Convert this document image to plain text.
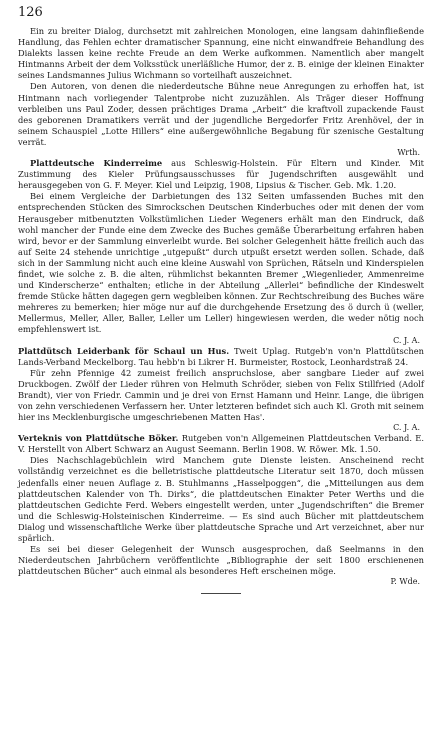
126

Ein zu breiter Dialog, durchsetzt mit zahlreichen Monologen, eine langsam dahinfließende Handlung, das Fehlen echter dramatischer Spannung, eine nicht einwandfreie Behandlung des Dialekts lassen keine rechte Freude an dem Werke aufkommen. Namentlich aber mangelt Hintmanns Arbeit der dem Volksstück unerläßliche Humor, der z. B. einige der kleinen Einakter seines Landsmannes Julius Wichmann so vorteilhaft auszeichnet.

Den Autoren, von denen die niederdeutsche Bühne neue Anregungen zu erhoffen hat, ist Hintmann nach vorliegender Talentprobe nicht zuzuzählen. Als Träger dieser Hoffnung verbleiben uns Paul Zoder, dessen prächtiges Drama „Arbeit“ die kraftvoll zupackende Faust des geborenen Dramatikers verrät und der jugendliche Bergedorfer Fritz Arenhövel, der in seinem Schauspiel „Lotte Hillers“ eine außergewöhnliche Begabung für szenische Gestaltung verrät.

Wrth.

Plattdeutsche Kinderreime aus Schleswig-Holstein. Für Eltern und Kinder. Mit Zustimmung des Kieler Prüfungsausschusses für Jugendschriften ausgewählt und herausgegeben von G. F. Meyer. Kiel und Leipzig, 1908, Lipsius & Tischer. Geb. Mk. 1.20.

Bei einem Vergleiche der Darbietungen des 132 Seiten umfassenden Buches mit den entsprechenden Stücken des Simrockschen Deutschen Kinderbuches oder mit denen der vom Herausgeber mitbenutzten Volkstümlichen Lieder Wegeners erhält man den Eindruck, daß wohl mancher der Funde eine dem Zwecke des Buches gemäße Überarbeitung erfahren haben wird, bevor er der Sammlung einverleibt wurde. Bei solcher Gelegenheit hätte freilich auch das auf Seite 24 stehende unrichtige „utgepußt“ durch utpußt ersetzt werden sollen. Schade, daß sich in der Sammlung nicht auch eine kleine Auswahl von Sprüchen, Rätseln und Kinderspielen findet, wie solche z. B. die alten, rühmlichst bekannten Bremer „Wiegenlieder, Ammenreime und Kinderscherze“ enthalten; etliche in der Abteilung „Allerlei“ befindliche der Kindeswelt fremde Stücke hätten dagegen gern wegbleiben können. Zur Rechtschreibung des Buches wäre mehreres zu bemerken; hier möge nur auf die durchgehende Ersetzung des ö durch ü (weller, Mellermus, Meller, Aller, Baller, Leller um Leller) hingewiesen werden, die weder nötig noch empfehlenswert ist.

C. J. A.

Plattdütsch Leiderbank för Schaul un Hus. Tweit Uplag. Rutgeb'n von'n Plattdütschen Lands-Verband Meckelborg. Tau hebb'n bi Likrer H. Burmeister, Rostock, Leonhardstraß 24.

Für zehn Pfennige 42 zumeist freilich anspruchslose, aber sangbare Lieder auf zwei Druckbogen. Zwölf der Lieder rühren von Helmuth Schröder, sieben von Felix Stillfried (Adolf Brandt), vier von Friedr. Cammin und je drei von Ernst Hamann und Heinr. Lange, die übrigen von zehn verschiedenen Verfassern her. Unter letzteren befindet sich auch Kl. Groth mit seinem hier ins Mecklenburgische umgeschriebenen Matten Has'.

C. J. A.

Verteknis von Plattdütsche Böker. Rutgeben von'n Allgemeinen Plattdeutschen Verband. E. V. Herstellt von Albert Schwarz an August Seemann. Berlin 1908. W. Röwer. Mk. 1.50.

Dies Nachschlagebüchlein wird Manchem gute Dienste leisten. Anscheinend recht vollständig verzeichnet es die belletristische plattdeutsche Literatur seit 1870, doch müssen jedenfalls einer neuen Auflage z. B. Stuhlmanns „Hasselpoggen“, die „Mitteilungen aus dem plattdeutschen Kalender von Th. Dirks“, die plattdeutschen Einakter Peter Werths und die plattdeutschen Gedichte Ferd. Webers eingestellt werden, unter „Jugendschriften“ die Bremer und die Schleswig-Holsteinischen Kinderreime. — Es sind auch Bücher mit plattdeutschem Dialog und wissenschaftliche Werke über plattdeutsche Sprache und Art verzeichnet, aber nur spärlich.

Es sei bei dieser Gelegenheit der Wunsch ausgesprochen, daß Seelmanns in den Niederdeutschen Jahrbüchern veröffentlichte „Bibliographie der seit 1800 erschienenen plattdeutschen Bücher“ auch einmal als besonderes Heft erscheinen möge.

P. Wde.
